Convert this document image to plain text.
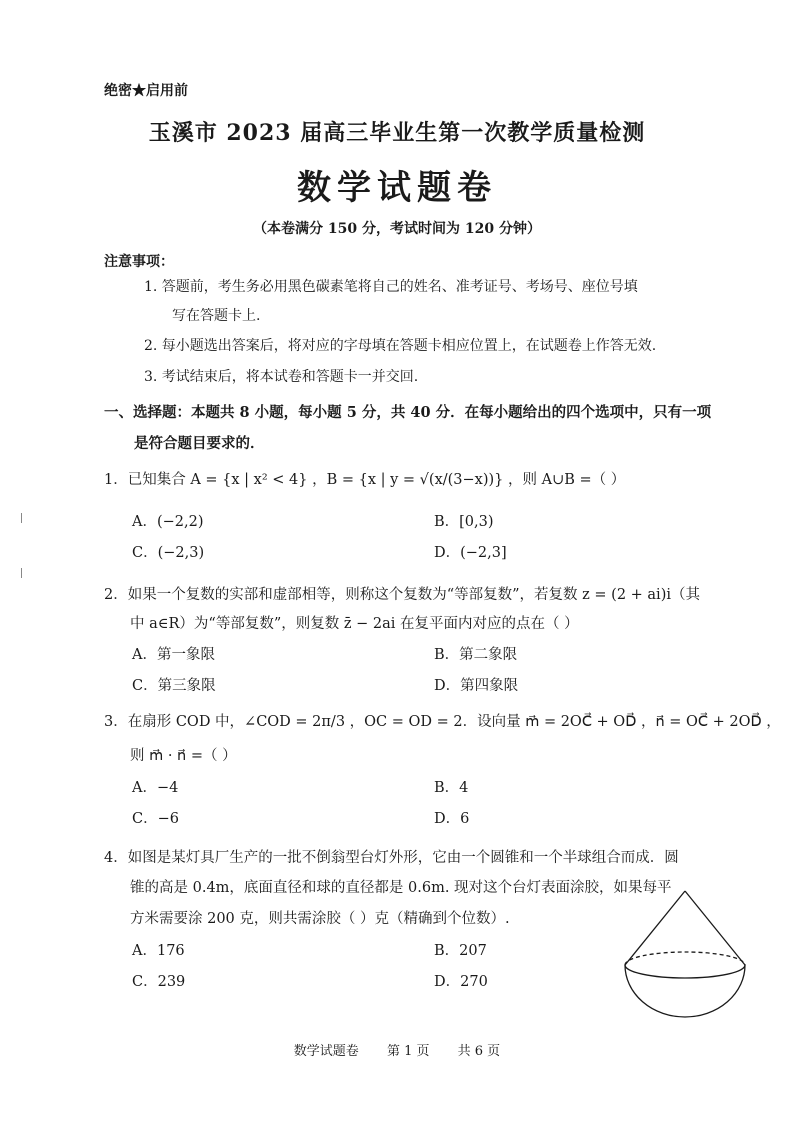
绝密★启用前
玉溪市 2023 届高三毕业生第一次教学质量检测
数学试题卷
（本卷满分 150 分，考试时间为 120 分钟）
注意事项：
1. 答题前，考生务必用黑色碳素笔将自己的姓名、准考证号、考场号、座位号填
写在答题卡上.
2. 每小题选出答案后，将对应的字母填在答题卡相应位置上，在试题卷上作答无效.
3. 考试结束后，将本试卷和答题卡一并交回.
一、选择题：本题共 8 小题，每小题 5 分，共 40 分．在每小题给出的四个选项中，只有一项
是符合题目要求的．
1．已知集合 A = {x | x² < 4} ，B = {x | y = √(x/(3−x))} ，则 A∪B =（ ）
A．(−2,2)	B．[0,3)
C．(−2,3)	D．(−2,3]
2．如果一个复数的实部和虚部相等，则称这个复数为“等部复数”，若复数 z = (2 + ai)i（其
中 a∈R）为“等部复数”，则复数 z̄ − 2ai 在复平面内对应的点在（ ）
A．第一象限	B．第二象限
C．第三象限	D．第四象限
3．在扇形 COD 中，∠COD = 2π/3 ，OC = OD = 2．设向量 m⃗ = 2OC⃗ + OD⃗ ，n⃗ = OC⃗ + 2OD⃗ ，
则 m⃗ · n⃗ =（ ）
A．−4	B．4
C．−6	D．6
4．如图是某灯具厂生产的一批不倒翁型台灯外形，它由一个圆锥和一个半球组合而成．圆
锥的高是 0.4m，底面直径和球的直径都是 0.6m. 现对这个台灯表面涂胶，如果每平
方米需要涂 200 克，则共需涂胶（ ）克（精确到个位数）.
A．176	B．207
C．239	D．270
数学试题卷 第 1 页 共 6 页
